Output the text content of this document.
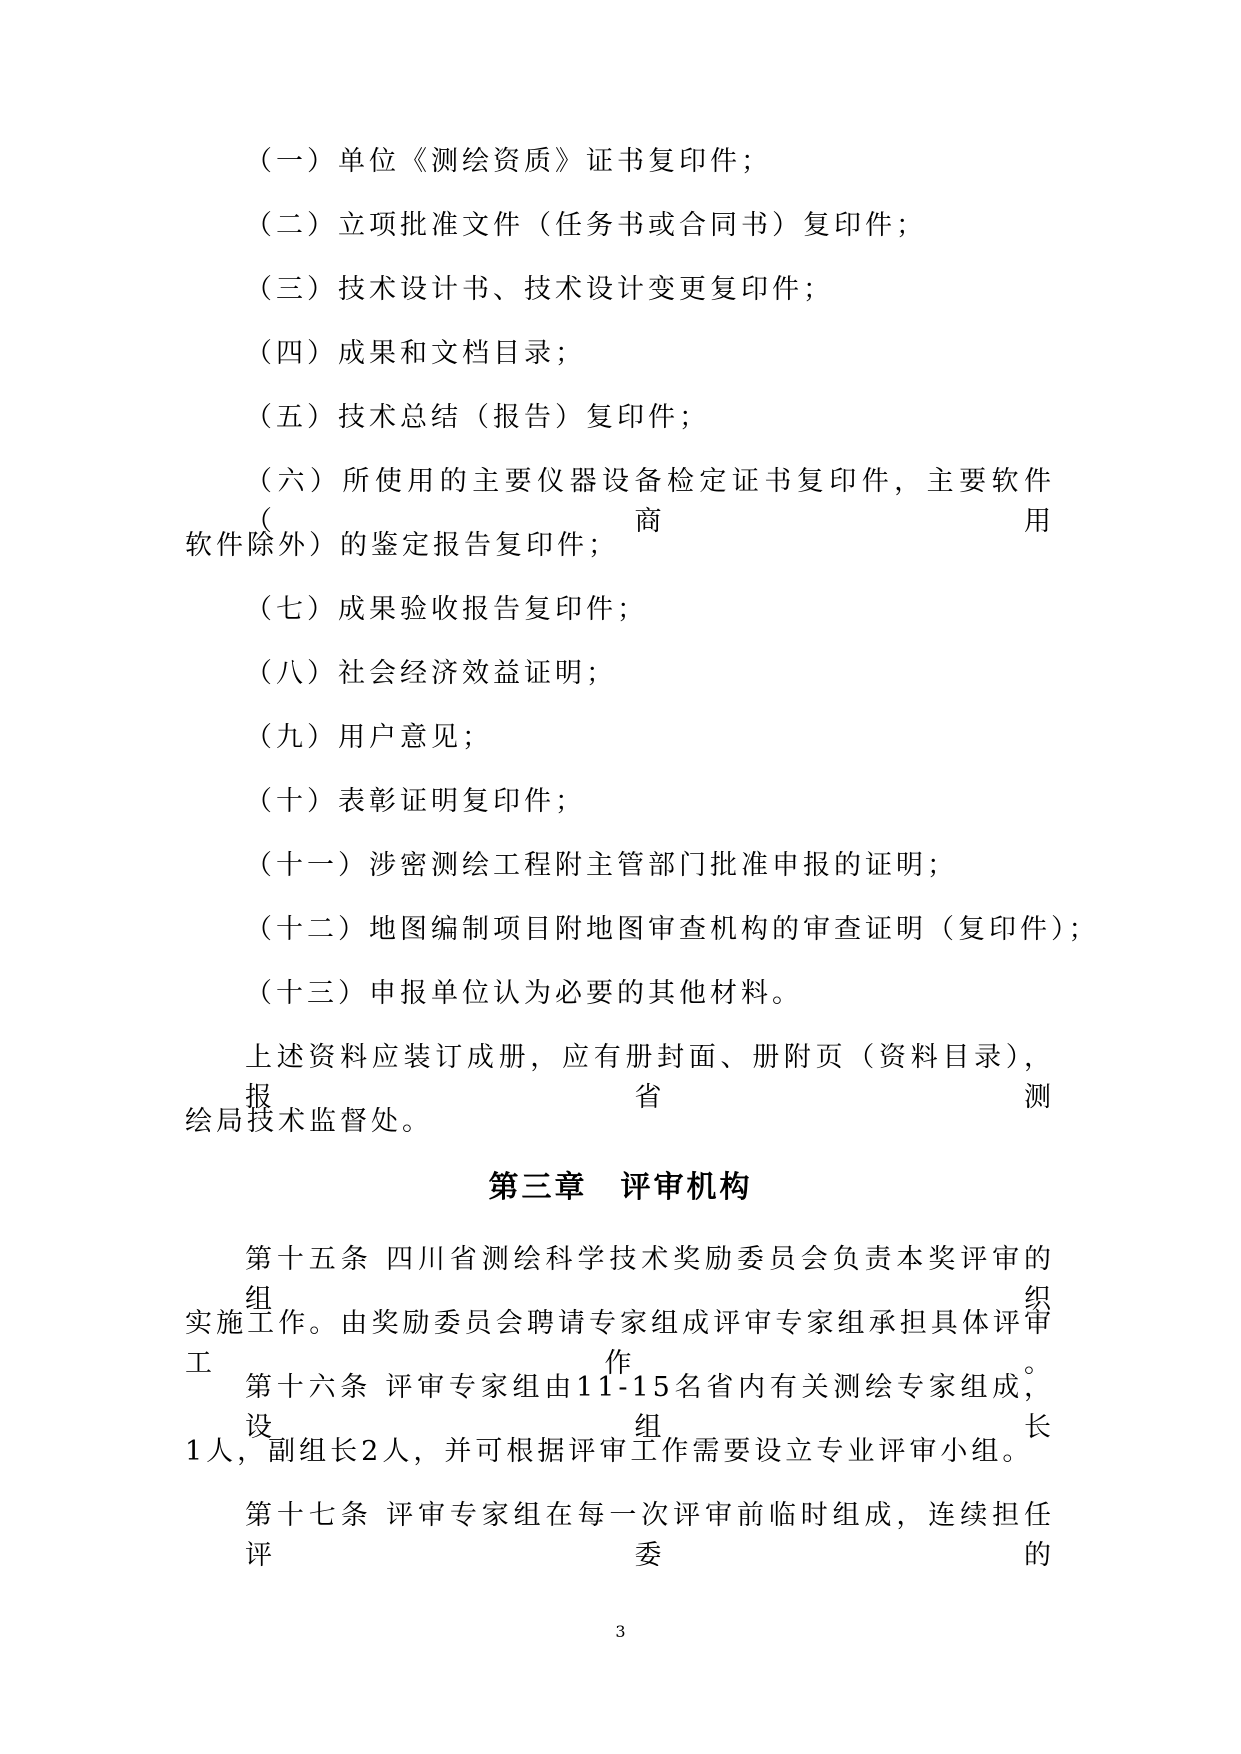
（一）单位《测绘资质》证书复印件；
（二）立项批准文件（任务书或合同书）复印件；
（三）技术设计书、技术设计变更复印件；
（四）成果和文档目录；
（五）技术总结（报告）复印件；
（六）所使用的主要仪器设备检定证书复印件，主要软件（商用
软件除外）的鉴定报告复印件；
（七）成果验收报告复印件；
（八）社会经济效益证明；
（九）用户意见；
（十）表彰证明复印件；
（十一）涉密测绘工程附主管部门批准申报的证明；
（十二）地图编制项目附地图审查机构的审查证明（复印件）；
（十三）申报单位认为必要的其他材料。
上述资料应装订成册，应有册封面、册附页（资料目录），报省测
绘局技术监督处。
第三章　评审机构
第十五条 四川省测绘科学技术奖励委员会负责本奖评审的组织
实施工作。由奖励委员会聘请专家组成评审专家组承担具体评审工作。
第十六条 评审专家组由11-15名省内有关测绘专家组成，设组长
1人，副组长2人，并可根据评审工作需要设立专业评审小组。
第十七条 评审专家组在每一次评审前临时组成，连续担任评委的
3
